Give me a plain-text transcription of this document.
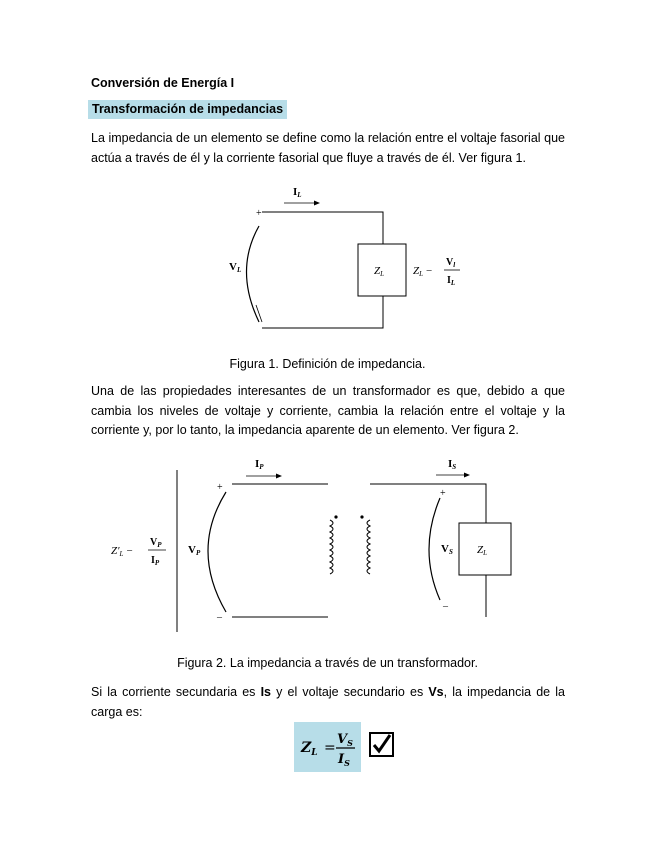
Conversión de Energía I
Transformación de impedancias

La impedancia de un elemento se define como la relación entre el voltaje fasorial que actúa a través de él y la corriente fasorial que fluye a través de él. Ver figura 1.

IL
+
VL	ZL	ZL −
$V_l$
$I_L$
Figura 1. Definición de impedancia.

Una de las propiedades interesantes de un transformador es que, debido a que cambia los niveles de voltaje y corriente, cambia la relación entre el voltaje y la corriente y, por lo tanto, la impedancia aparente de un elemento. Ver figura 2.

IP	IS
+
+
–
–
VP	VS ZL
Z′L −
$V_P$
$I_P$
Figura 2. La impedancia a través de un transformador.

Si la corriente secundaria es Is y el voltaje secundario es Vs, la impedancia de la carga es:

$Z_L$ =
$V_S$
$I_S$
